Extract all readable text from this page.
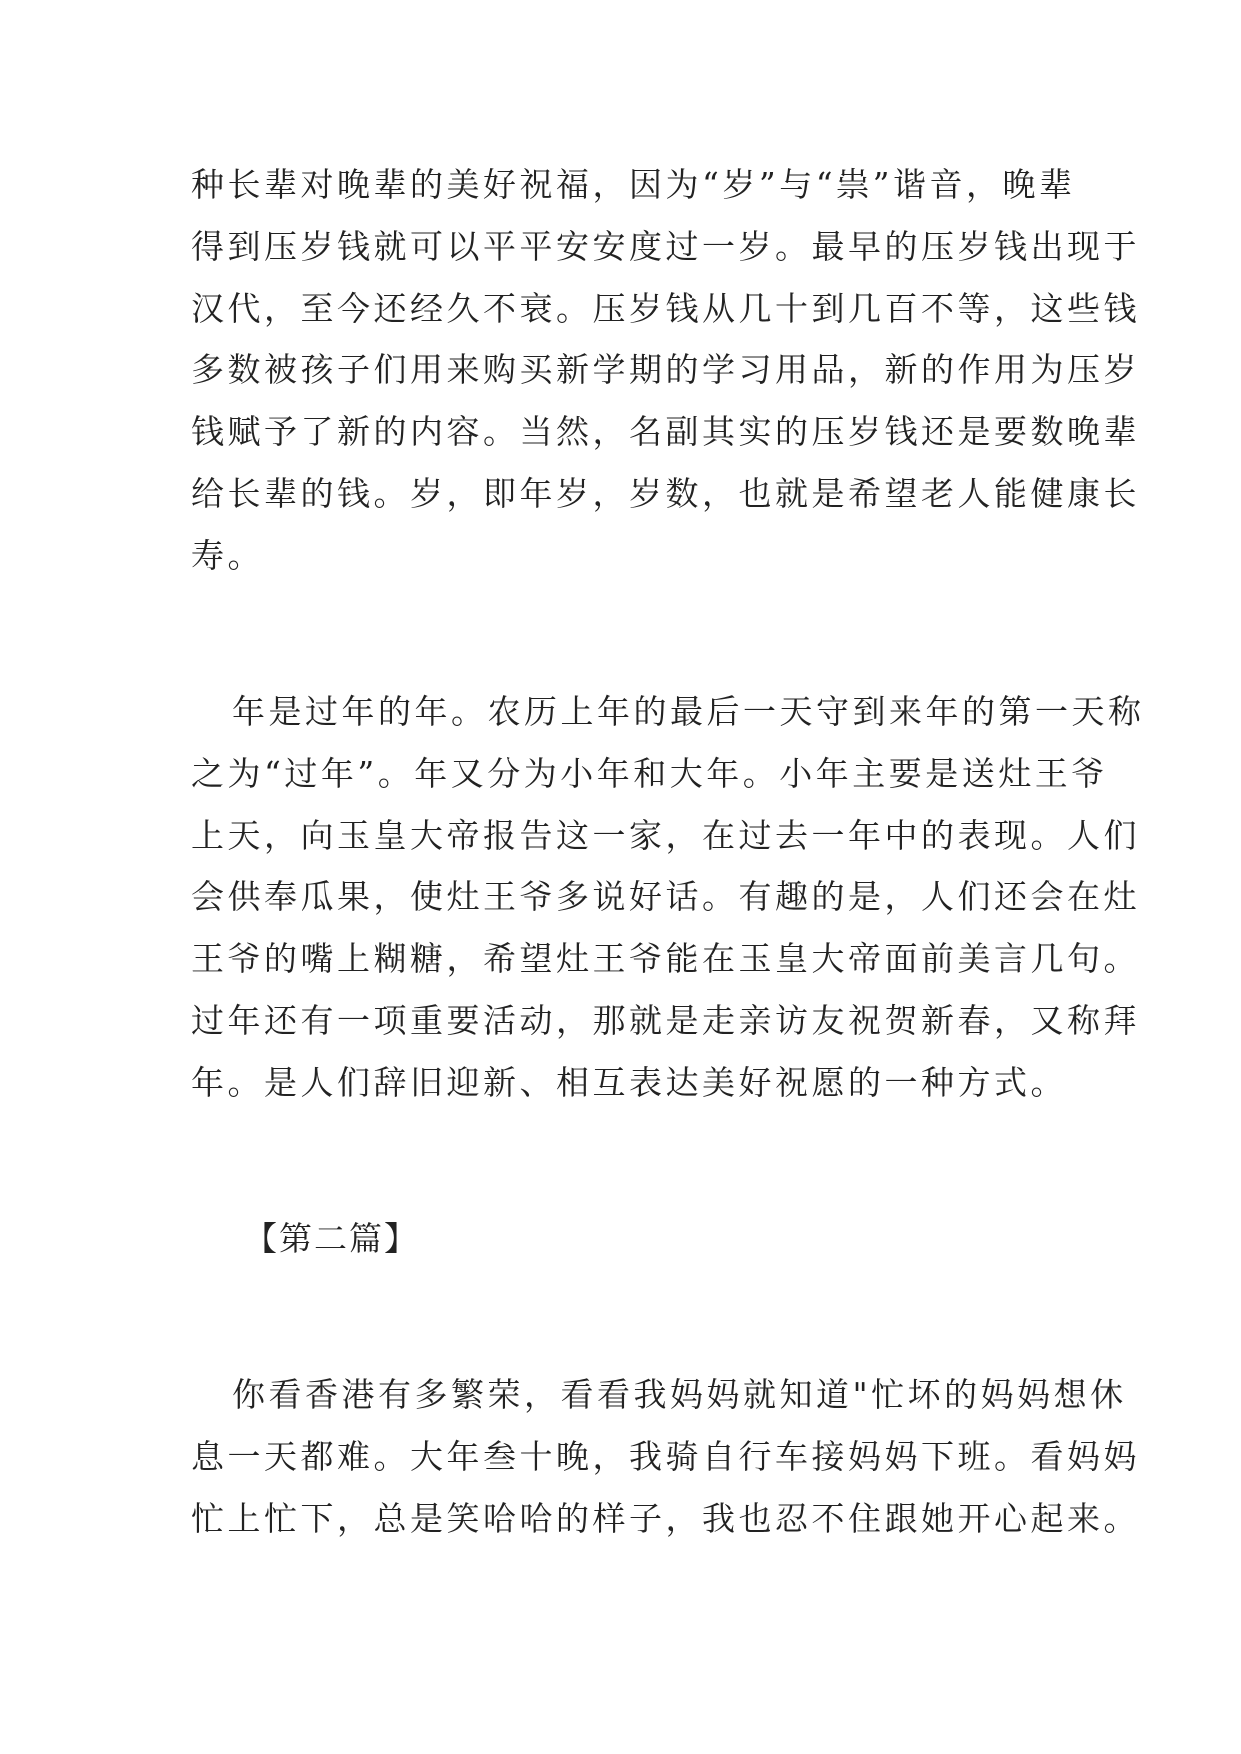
种长辈对晚辈的美好祝福，因为“岁”与“祟”谐音，晚辈
得到压岁钱就可以平平安安度过一岁。最早的压岁钱出现于
汉代，至今还经久不衰。压岁钱从几十到几百不等，这些钱
多数被孩子们用来购买新学期的学习用品，新的作用为压岁
钱赋予了新的内容。当然，名副其实的压岁钱还是要数晚辈
给长辈的钱。岁，即年岁，岁数，也就是希望老人能健康长
寿。
年是过年的年。农历上年的最后一天守到来年的第一天称
之为“过年”。年又分为小年和大年。小年主要是送灶王爷
上天，向玉皇大帝报告这一家，在过去一年中的表现。人们
会供奉瓜果，使灶王爷多说好话。有趣的是，人们还会在灶
王爷的嘴上糊糖，希望灶王爷能在玉皇大帝面前美言几句。
过年还有一项重要活动，那就是走亲访友祝贺新春，又称拜
年。是人们辞旧迎新、相互表达美好祝愿的一种方式。
【第二篇】
你看香港有多繁荣，看看我妈妈就知道"忙坏的妈妈想休
息一天都难。大年叁十晚，我骑自行车接妈妈下班。看妈妈
忙上忙下，总是笑哈哈的样子，我也忍不住跟她开心起来。
